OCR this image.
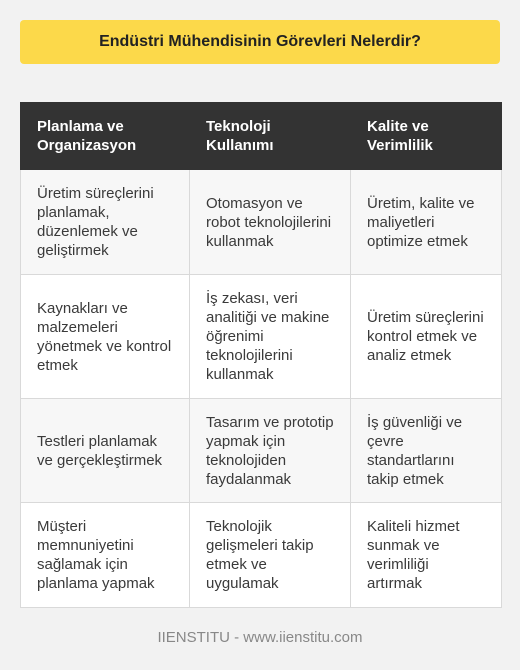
Endüstri Mühendisinin Görevleri Nelerdir?
Planlama ve Organizasyon	Teknoloji Kullanımı	Kalite ve Verimlilik
Üretim süreçlerini planlamak, düzenlemek ve geliştirmek	Otomasyon ve robot teknolojilerini kullanmak	Üretim, kalite ve maliyetleri optimize etmek
Kaynakları ve malzemeleri yönetmek ve kontrol etmek	İş zekası, veri analitiği ve makine öğrenimi teknolojilerini kullanmak	Üretim süreçlerini kontrol etmek ve analiz etmek
Testleri planlamak ve gerçekleştirmek	Tasarım ve prototip yapmak için teknolojiden faydalanmak	İş güvenliği ve çevre standartlarını takip etmek
Müşteri memnuniyetini sağlamak için planlama yapmak	Teknolojik gelişmeleri takip etmek ve uygulamak	Kaliteli hizmet sunmak ve verimliliği artırmak
IIENSTITU - www.iienstitu.com
